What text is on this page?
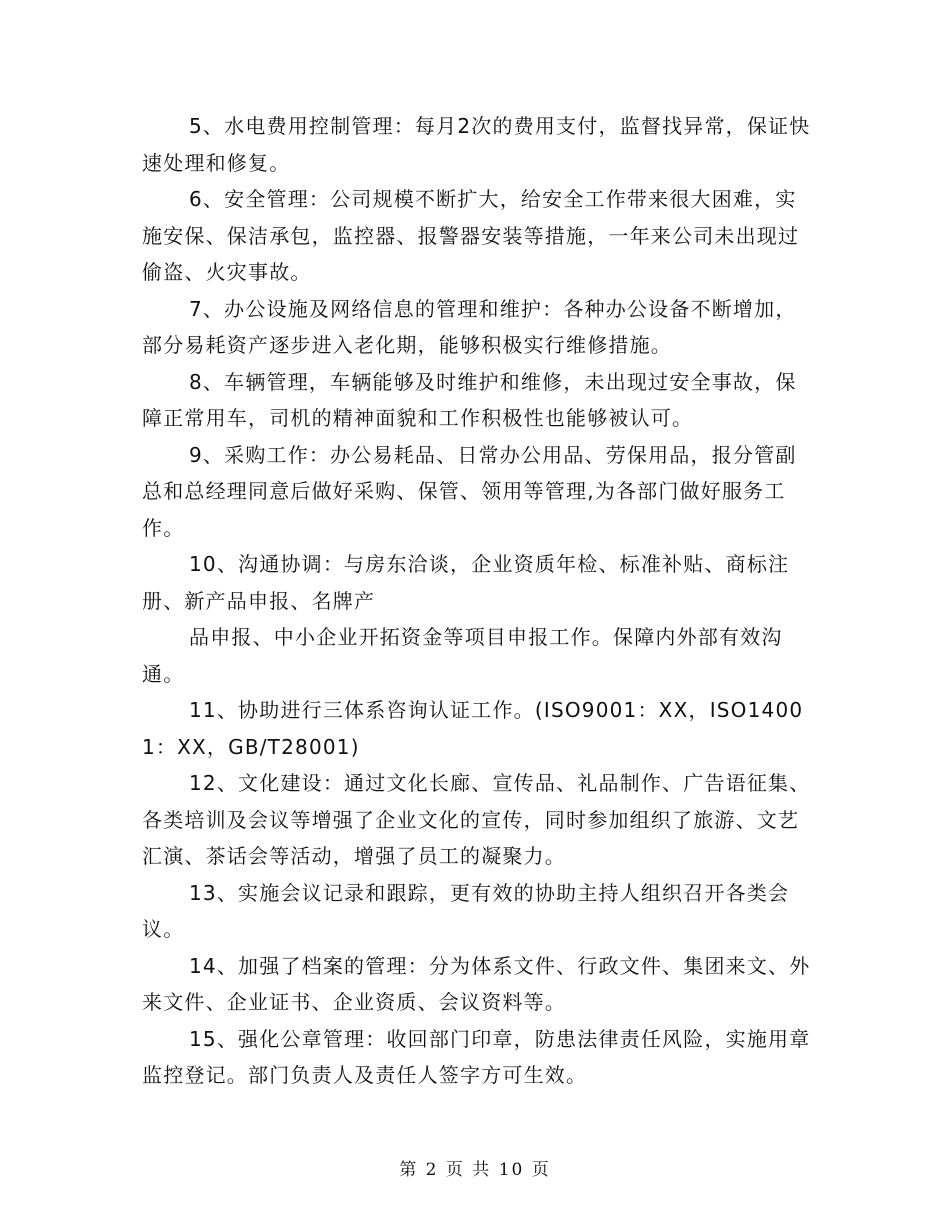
5、水电费用控制管理：每月2次的费用支付，监督找异常，保证快速处理和修复。

6、安全管理：公司规模不断扩大，给安全工作带来很大困难，实施安保、保洁承包，监控器、报警器安装等措施，一年来公司未出现过偷盗、火灾事故。

7、办公设施及网络信息的管理和维护：各种办公设备不断增加，部分易耗资产逐步进入老化期，能够积极实行维修措施。

8、车辆管理，车辆能够及时维护和维修，未出现过安全事故，保障正常用车，司机的精神面貌和工作积极性也能够被认可。

9、采购工作：办公易耗品、日常办公用品、劳保用品，报分管副总和总经理同意后做好采购、保管、领用等管理,为各部门做好服务工作。

10、沟通协调：与房东洽谈，企业资质年检、标准补贴、商标注册、新产品申报、名牌产

品申报、中小企业开拓资金等项目申报工作。保障内外部有效沟通。

11、协助进行三体系咨询认证工作。(ISO9001：XX，ISO14001：XX，GB/T28001)

12、文化建设：通过文化长廊、宣传品、礼品制作、广告语征集、各类培训及会议等增强了企业文化的宣传，同时参加组织了旅游、文艺汇演、茶话会等活动，增强了员工的凝聚力。

13、实施会议记录和跟踪，更有效的协助主持人组织召开各类会议。

14、加强了档案的管理：分为体系文件、行政文件、集团来文、外来文件、企业证书、企业资质、会议资料等。

15、强化公章管理：收回部门印章，防患法律责任风险，实施用章监控登记。部门负责人及责任人签字方可生效。

第 2 页 共 10 页
